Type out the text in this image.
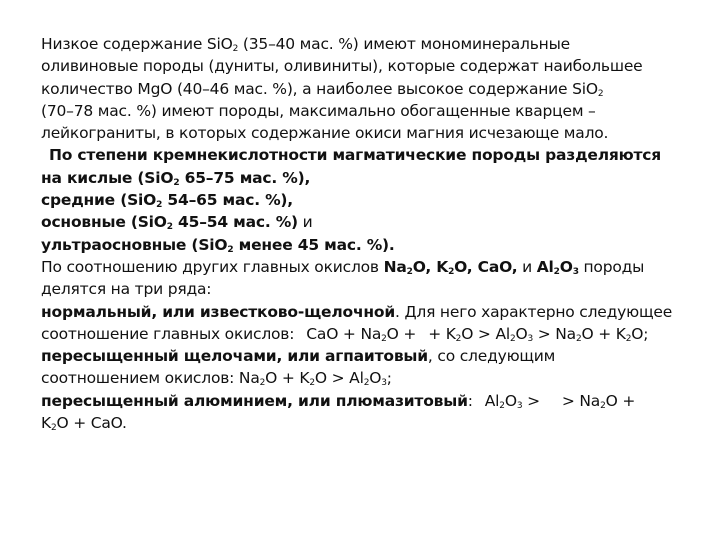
Низкое содержание SiO$_2$ (35–40 мас. %) имеют мономинеральные
оливиновые породы (дуниты, оливиниты), которые содержат наибольшее
количество MgO (40–46 мас. %), а наиболее высокое содержание SiO$_2$
(70–78 мас. %) имеют породы, максимально обогащенные кварцем –
лейкограниты, в которых содержание окиси магния исчезающе мало.
По степени кремнекислотности магматические породы разделяются
на кислые (SiO$_2$ 65–75 мас. %),
средние (SiO$_2$ 54–65 мас. %),
основные (SiO$_2$ 45–54 мас. %) и
ультраосновные (SiO$_2$ менее 45 мас. %).
По соотношению других главных окислов $Na_2O$, $K_2O$, CaO, и $Al_2O_3$ породы
делятся на три ряда:
нормальный, или известково-щелочной. Для него характерно следующее
соотношение главных окислов: CaO + $Na_2O$ + + $K_2O > Al_2O_3 > Na_2O + K_2O$;
пересыщенный щелочами, или агпаитовый, со следующим
соотношением окислов: $Na_2O + K_2O > Al_2O_3$;
пересыщенный алюминием, или плюмазитовый: $Al_2O_3$ > > $Na_2O$ +
$K_2O$ + CaO.
